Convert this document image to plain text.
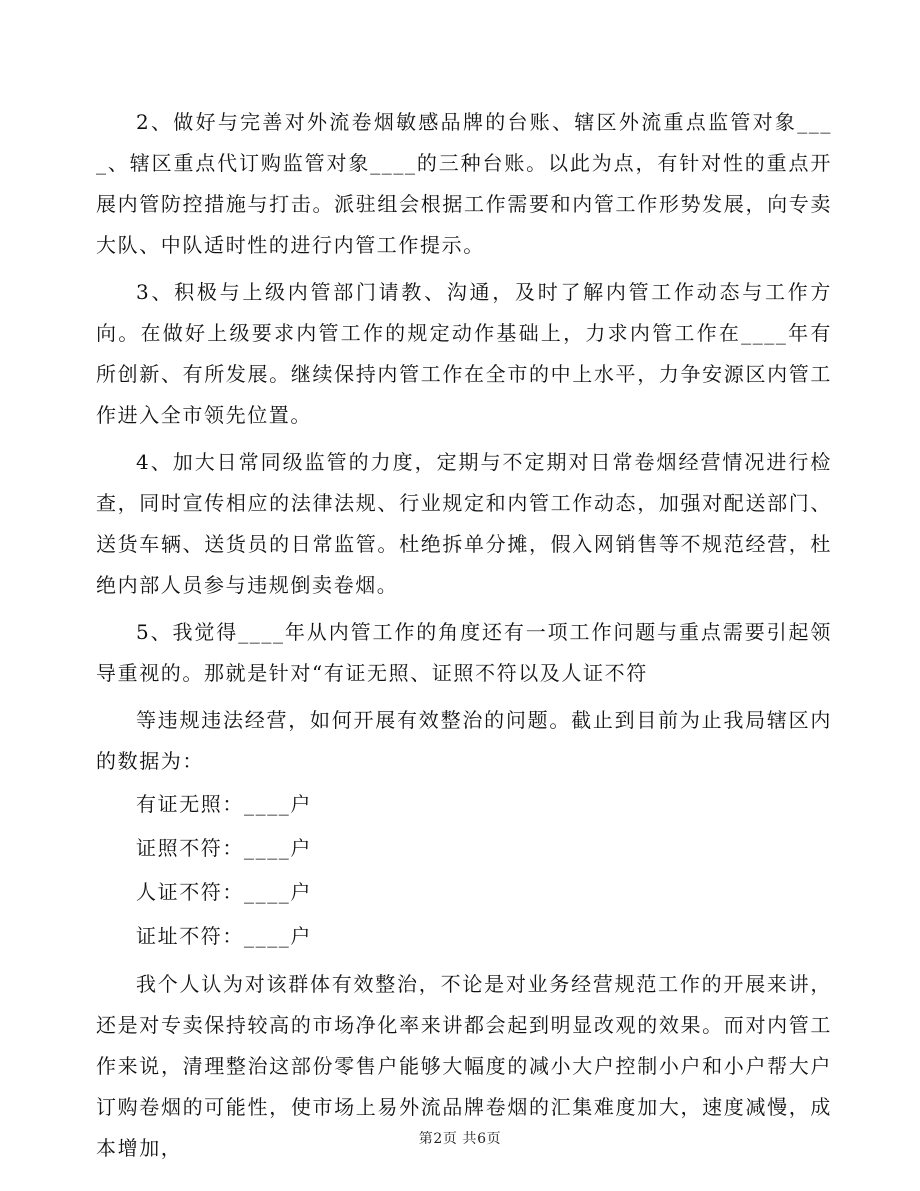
2、做好与完善对外流卷烟敏感品牌的台账、辖区外流重点监管对象____、辖区重点代订购监管对象____的三种台账。以此为点，有针对性的重点开展内管防控措施与打击。派驻组会根据工作需要和内管工作形势发展，向专卖大队、中队适时性的进行内管工作提示。

3、积极与上级内管部门请教、沟通，及时了解内管工作动态与工作方向。在做好上级要求内管工作的规定动作基础上，力求内管工作在____年有所创新、有所发展。继续保持内管工作在全市的中上水平，力争安源区内管工作进入全市领先位置。

4、加大日常同级监管的力度，定期与不定期对日常卷烟经营情况进行检查，同时宣传相应的法律法规、行业规定和内管工作动态，加强对配送部门、送货车辆、送货员的日常监管。杜绝拆单分摊，假入网销售等不规范经营，杜绝内部人员参与违规倒卖卷烟。

5、我觉得____年从内管工作的角度还有一项工作问题与重点需要引起领导重视的。那就是针对“有证无照、证照不符以及人证不符

等违规违法经营，如何开展有效整治的问题。截止到目前为止我局辖区内的数据为：

有证无照：____户
证照不符：____户
人证不符：____户
证址不符：____户

我个人认为对该群体有效整治，不论是对业务经营规范工作的开展来讲，还是对专卖保持较高的市场净化率来讲都会起到明显改观的效果。而对内管工作来说，清理整治这部份零售户能够大幅度的减小大户控制小户和小户帮大户订购卷烟的可能性，使市场上易外流品牌卷烟的汇集难度加大，速度减慢，成本增加，	第2页 共6页
